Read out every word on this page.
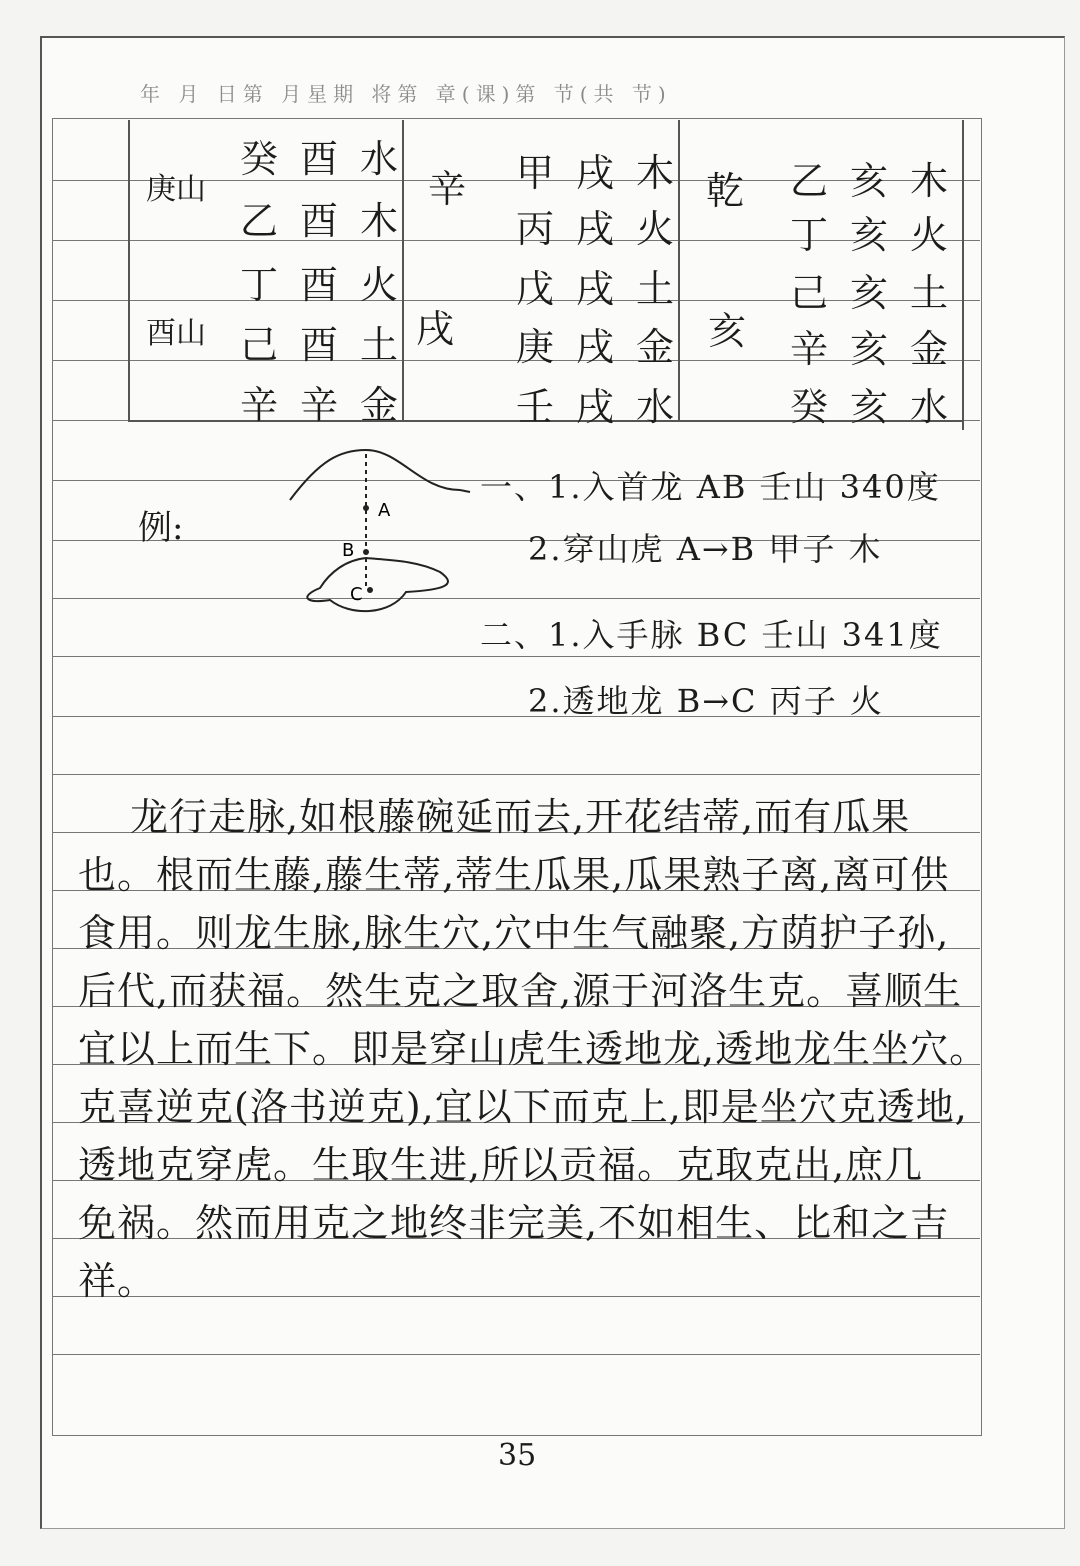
年 月 日第 月星期 将第 章(课)第 节(共 节)
庚山
癸酉水
乙酉木
酉山
丁酉火
己酉土
辛辛金
辛
戌
甲戌木
丙戌火
戊戌土
庚戌金
壬戌水
乾
亥
乙亥木
丁亥火
己亥土
辛亥金
癸亥水
例:	A
B
C
一、1.入首龙 AB 壬山 340度
2.穿山虎 A→B 甲子 木
二、1.入手脉 BC 壬山 341度
2.透地龙 B→C 丙子 火
龙行走脉,如根藤碗延而去,开花结蒂,而有瓜果
也。根而生藤,藤生蒂,蒂生瓜果,瓜果熟子离,离可供
食用。则龙生脉,脉生穴,穴中生气融聚,方荫护子孙,
后代,而获福。然生克之取舍,源于河洛生克。喜顺生
宜以上而生下。即是穿山虎生透地龙,透地龙生坐穴。
克喜逆克(洛书逆克),宜以下而克上,即是坐穴克透地,
透地克穿虎。生取生进,所以贡福。克取克出,庶几
免祸。然而用克之地终非完美,不如相生、比和之吉
祥。
35
